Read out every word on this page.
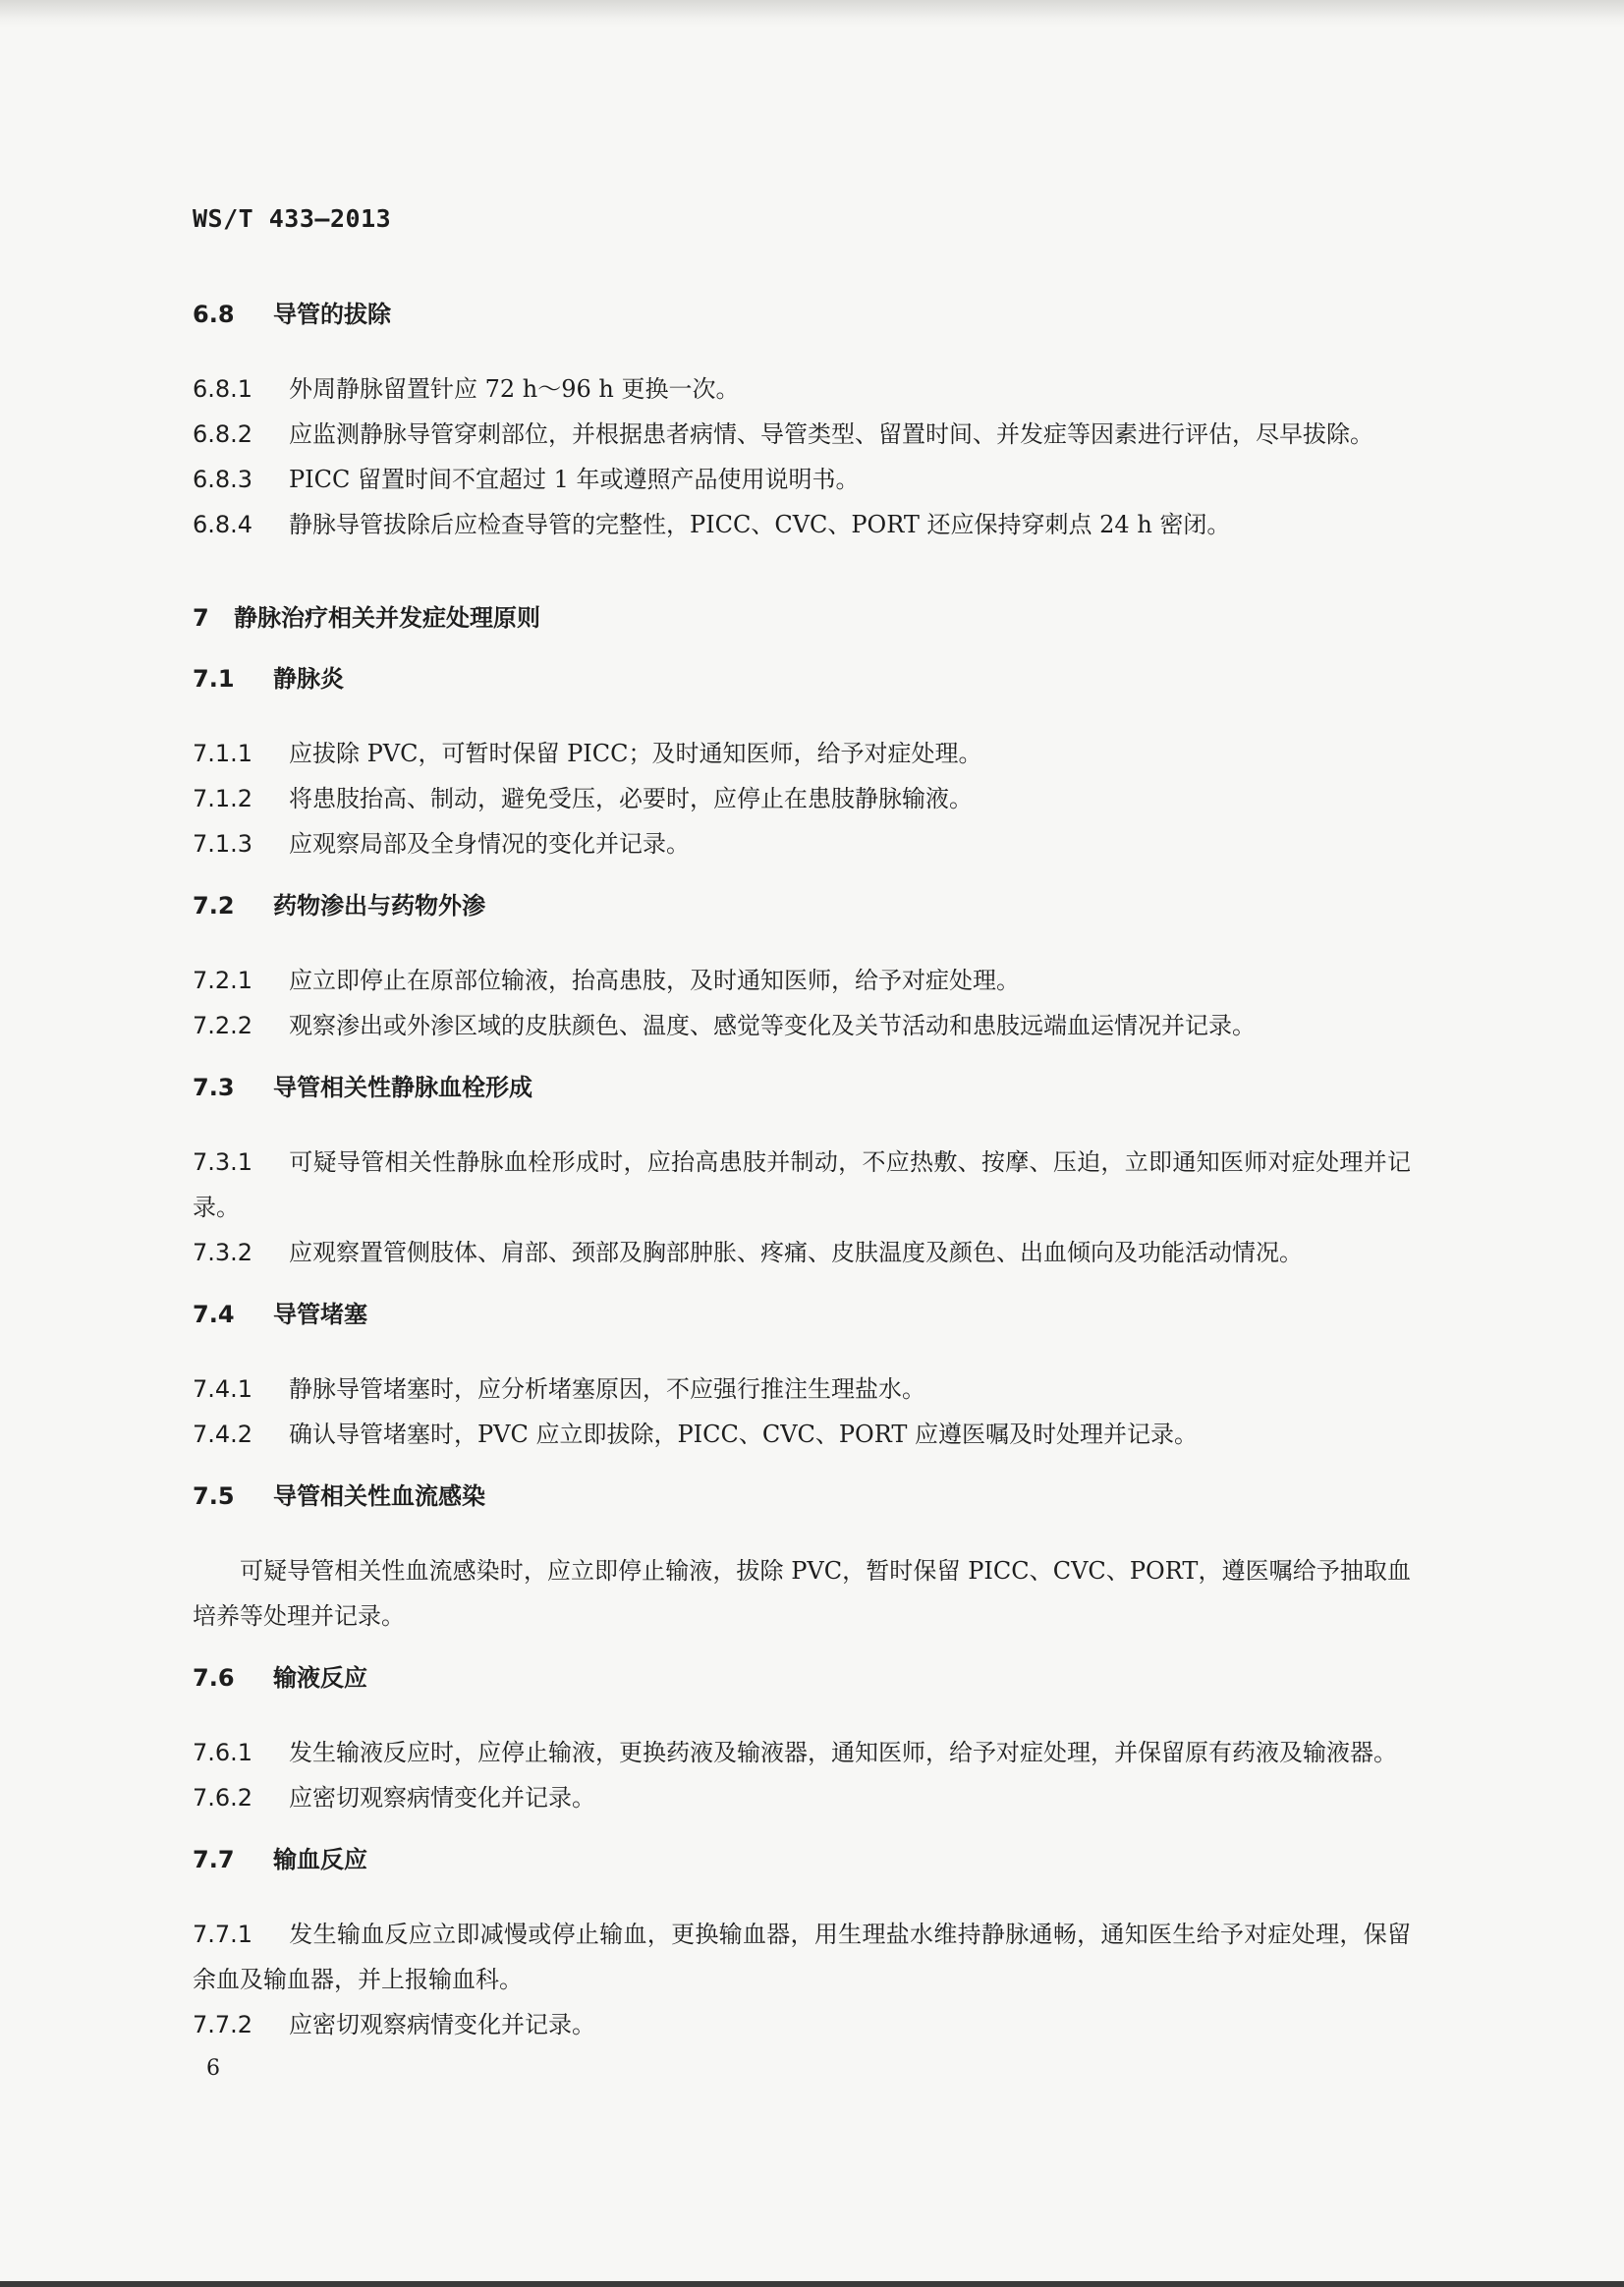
WS/T 433—2013
6.8 导管的拔除
6.8.1 外周静脉留置针应 72 h～96 h 更换一次。
6.8.2 应监测静脉导管穿刺部位，并根据患者病情、导管类型、留置时间、并发症等因素进行评估，尽早拔除。
6.8.3 PICC 留置时间不宜超过 1 年或遵照产品使用说明书。
6.8.4 静脉导管拔除后应检查导管的完整性，PICC、CVC、PORT 还应保持穿刺点 24 h 密闭。
7 静脉治疗相关并发症处理原则
7.1 静脉炎
7.1.1 应拔除 PVC，可暂时保留 PICC；及时通知医师，给予对症处理。
7.1.2 将患肢抬高、制动，避免受压，必要时，应停止在患肢静脉输液。
7.1.3 应观察局部及全身情况的变化并记录。
7.2 药物渗出与药物外渗
7.2.1 应立即停止在原部位输液，抬高患肢，及时通知医师，给予对症处理。
7.2.2 观察渗出或外渗区域的皮肤颜色、温度、感觉等变化及关节活动和患肢远端血运情况并记录。
7.3 导管相关性静脉血栓形成
7.3.1 可疑导管相关性静脉血栓形成时，应抬高患肢并制动，不应热敷、按摩、压迫，立即通知医师对症处理并记录。
7.3.2 应观察置管侧肢体、肩部、颈部及胸部肿胀、疼痛、皮肤温度及颜色、出血倾向及功能活动情况。
7.4 导管堵塞
7.4.1 静脉导管堵塞时，应分析堵塞原因，不应强行推注生理盐水。
7.4.2 确认导管堵塞时，PVC 应立即拔除，PICC、CVC、PORT 应遵医嘱及时处理并记录。
7.5 导管相关性血流感染
可疑导管相关性血流感染时，应立即停止输液，拔除 PVC，暂时保留 PICC、CVC、PORT，遵医嘱给予抽取血培养等处理并记录。
7.6 输液反应
7.6.1 发生输液反应时，应停止输液，更换药液及输液器，通知医师，给予对症处理，并保留原有药液及输液器。
7.6.2 应密切观察病情变化并记录。
7.7 输血反应
7.7.1 发生输血反应立即减慢或停止输血，更换输血器，用生理盐水维持静脉通畅，通知医生给予对症处理，保留余血及输血器，并上报输血科。
7.7.2 应密切观察病情变化并记录。
6
